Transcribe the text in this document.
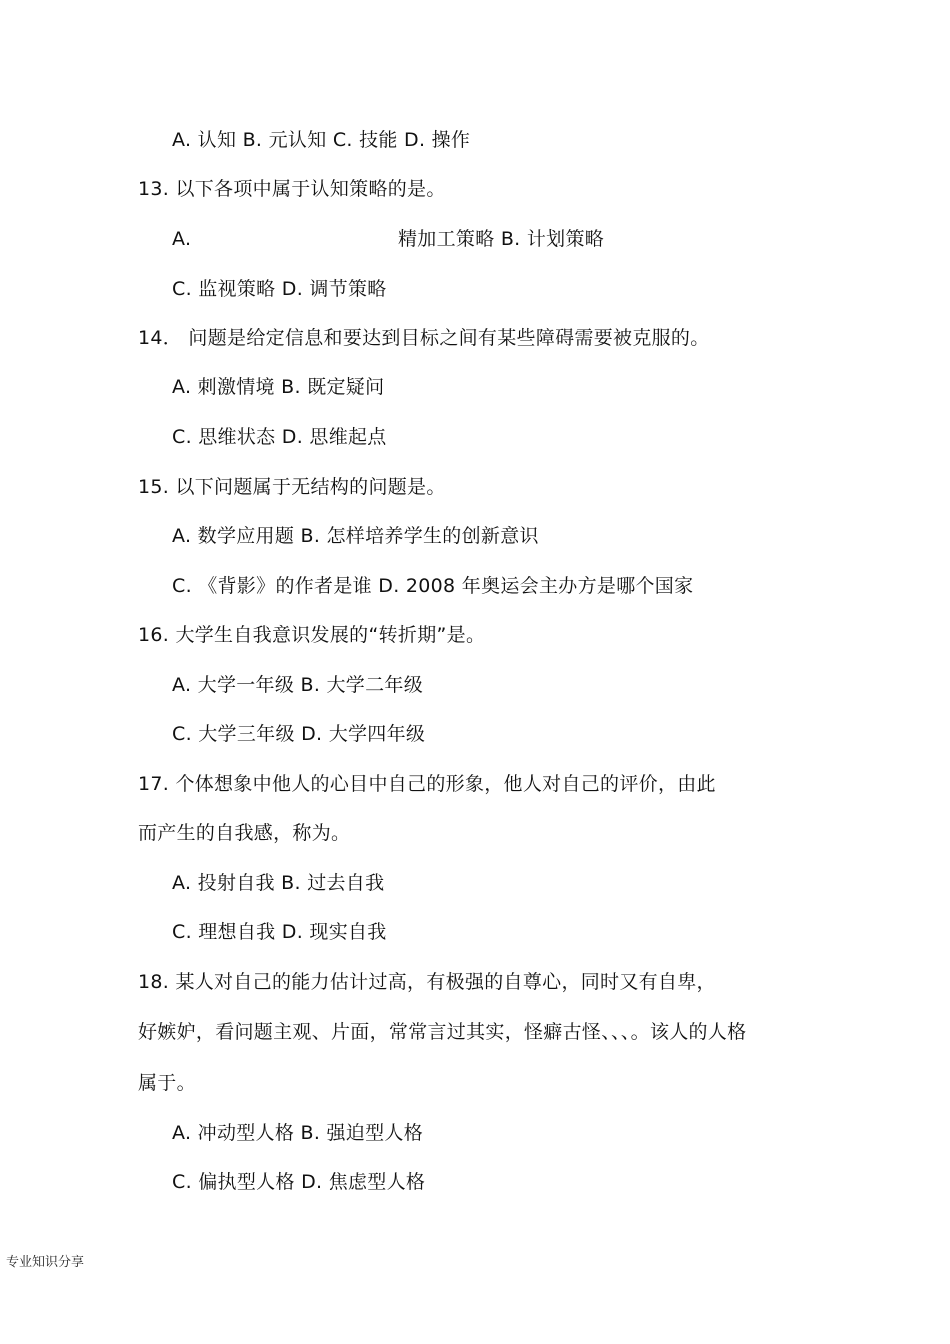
A. 认知 B. 元认知 C. 技能 D. 操作
13. 以下各项中属于认知策略的是。
A.	精加工策略 B. 计划策略
C. 监视策略 D. 调节策略
14． 问题是给定信息和要达到目标之间有某些障碍需要被克服的。
A. 刺激情境 B. 既定疑问
C. 思维状态 D. 思维起点
15. 以下问题属于无结构的问题是。
A. 数学应用题 B. 怎样培养学生的创新意识
C. 《背影》的作者是谁 D. 2008 年奥运会主办方是哪个国家
16. 大学生自我意识发展的“转折期”是。
A. 大学一年级 B. 大学二年级
C. 大学三年级 D. 大学四年级
17. 个体想象中他人的心目中自己的形象，他人对自己的评价，由此
而产生的自我感，称为。
A. 投射自我 B. 过去自我
C. 理想自我 D. 现实自我
18. 某人对自己的能力估计过高，有极强的自尊心，同时又有自卑，
好嫉妒，看问题主观、片面，常常言过其实，怪癖古怪、、、。该人的人格
属于。
A. 冲动型人格 B. 强迫型人格
C. 偏执型人格 D. 焦虑型人格
专业知识分享
